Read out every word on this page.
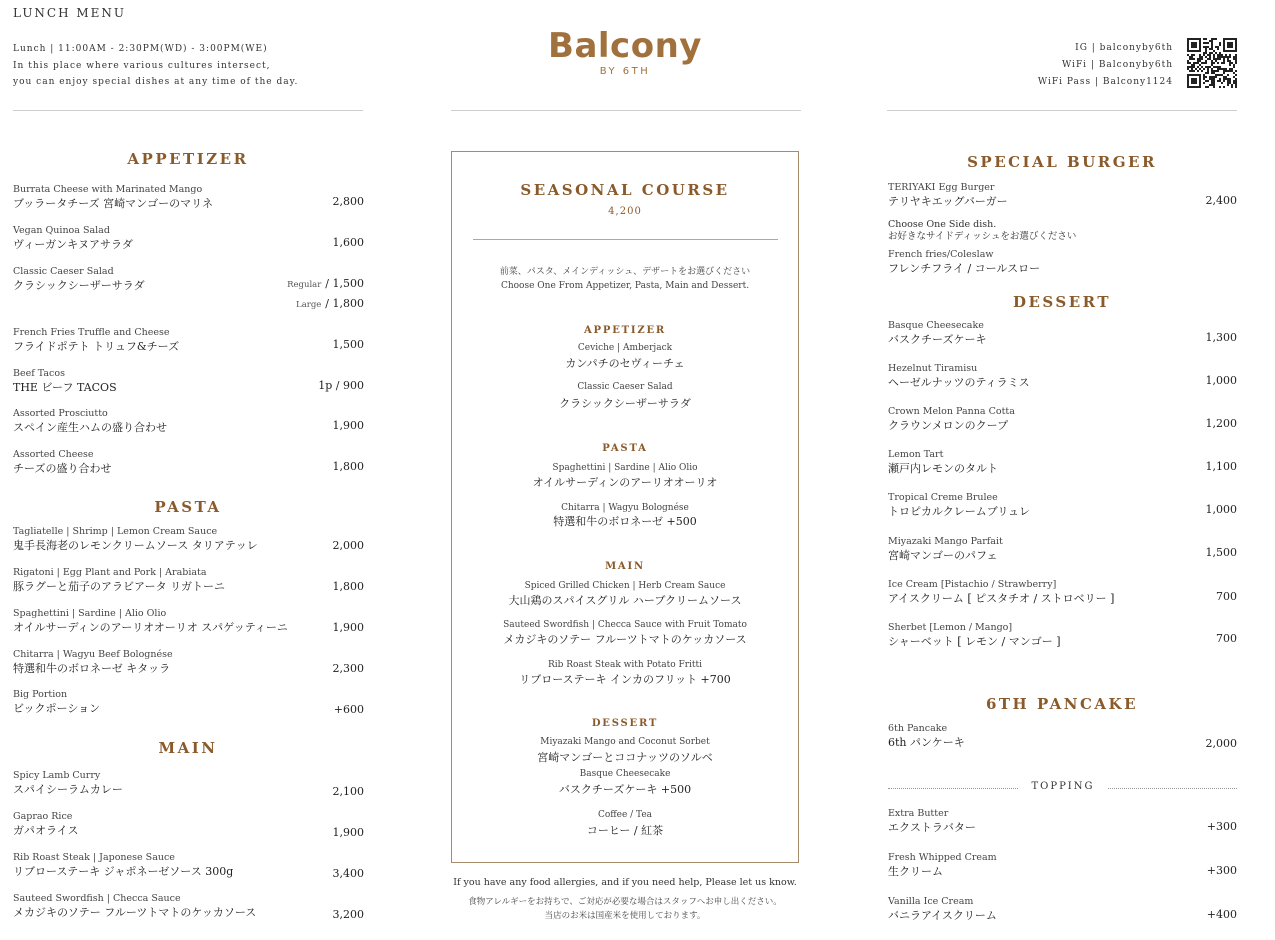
LUNCH MENU
Lunch | 11:00AM - 2:30PM(WD) - 3:00PM(WE)
In this place where various cultures intersect,
you can enjoy special dishes at any time of the day.
Balcony
BY 6TH
IG | balconyby6th
WiFi | Balconyby6th
WiFi Pass | Balcony1124
APPETIZER
Burrata Cheese with Marinated Mango
ブッラータチーズ 宮崎マンゴーのマリネ	2,800
Vegan Quinoa Salad
ヴィーガンキヌアサラダ	1,600
Classic Caeser Salad
クラシックシーザーサラダ	Regular / 1,500
Large / 1,800
French Fries Truffle and Cheese
フライドポテト トリュフ&チーズ	1,500
Beef Tacos
THE ビーフ TACOS	1p / 900
Assorted Prosciutto
スペイン産生ハムの盛り合わせ	1,900
Assorted Cheese
チーズの盛り合わせ	1,800
PASTA
Tagliatelle | Shrimp | Lemon Cream Sauce
鬼手長海老のレモンクリームソース タリアテッレ	2,000
Rigatoni | Egg Plant and Pork | Arabiata
豚ラグーと茄子のアラビアータ リガトーニ	1,800
Spaghettini | Sardine | Alio Olio
オイルサーディンのアーリオオーリオ スパゲッティーニ	1,900
Chitarra | Wagyu Beef Bolognése
特選和牛のボロネーゼ キタッラ	2,300
Big Portion
ビックポーション	+600
MAIN
Spicy Lamb Curry
スパイシーラムカレー	2,100
Gaprao Rice
ガパオライス	1,900
Rib Roast Steak | Japonese Sauce
リブローステーキ ジャポネーゼソース 300g	3,400
Sauteed Swordfish | Checca Sauce
メカジキのソテー フルーツトマトのケッカソース	3,200
SEASONAL COURSE
4,200
前菜、パスタ、メインディッシュ、デザートをお選びください
Choose One From Appetizer, Pasta, Main and Dessert.
APPETIZER
Ceviche | Amberjack
カンパチのセヴィーチェ
Classic Caeser Salad
クラシックシーザーサラダ
PASTA
Spaghettini | Sardine | Alio Olio
オイルサーディンのアーリオオーリオ
Chitarra | Wagyu Bolognése
特選和牛のボロネーゼ +500
MAIN
Spiced Grilled Chicken | Herb Cream Sauce
大山鶏のスパイスグリル ハーブクリームソース
Sauteed Swordfish | Checca Sauce with Fruit Tomato
メカジキのソテー フルーツトマトのケッカソース
Rib Roast Steak with Potato Fritti
リブローステーキ インカのフリット +700
DESSERT
Miyazaki Mango and Coconut Sorbet
宮崎マンゴーとココナッツのソルベ
Basque Cheesecake
バスクチーズケーキ +500
Coffee / Tea
コーヒー / 紅茶
If you have any food allergies, and if you need help, Please let us know.
食物アレルギーをお持ちで、ご対応が必要な場合はスタッフへお申し出ください。
当店のお米は国産米を使用しております。
SPECIAL BURGER
TERIYAKI Egg Burger
テリヤキエッグバーガー	2,400
Choose One Side dish.
お好きなサイドディッシュをお選びください
French fries/Coleslaw
フレンチフライ / コールスロー
DESSERT
Basque Cheesecake
バスクチーズケーキ	1,300
Hezelnut Tiramisu
ヘーゼルナッツのティラミス	1,000
Crown Melon Panna Cotta
クラウンメロンのクープ	1,200
Lemon Tart
瀬戸内レモンのタルト	1,100
Tropical Creme Brulee
トロピカルクレームブリュレ	1,000
Miyazaki Mango Parfait
宮崎マンゴーのパフェ	1,500
Ice Cream [Pistachio / Strawberry]
アイスクリーム [ ピスタチオ / ストロベリー ]	700
Sherbet [Lemon / Mango]
シャーベット [ レモン / マンゴー ]	700
6TH PANCAKE
6th Pancake
6th パンケーキ	2,000
TOPPING
Extra Butter
エクストラバター	+300
Fresh Whipped Cream
生クリーム	+300
Vanilla Ice Cream
バニラアイスクリーム	+400
